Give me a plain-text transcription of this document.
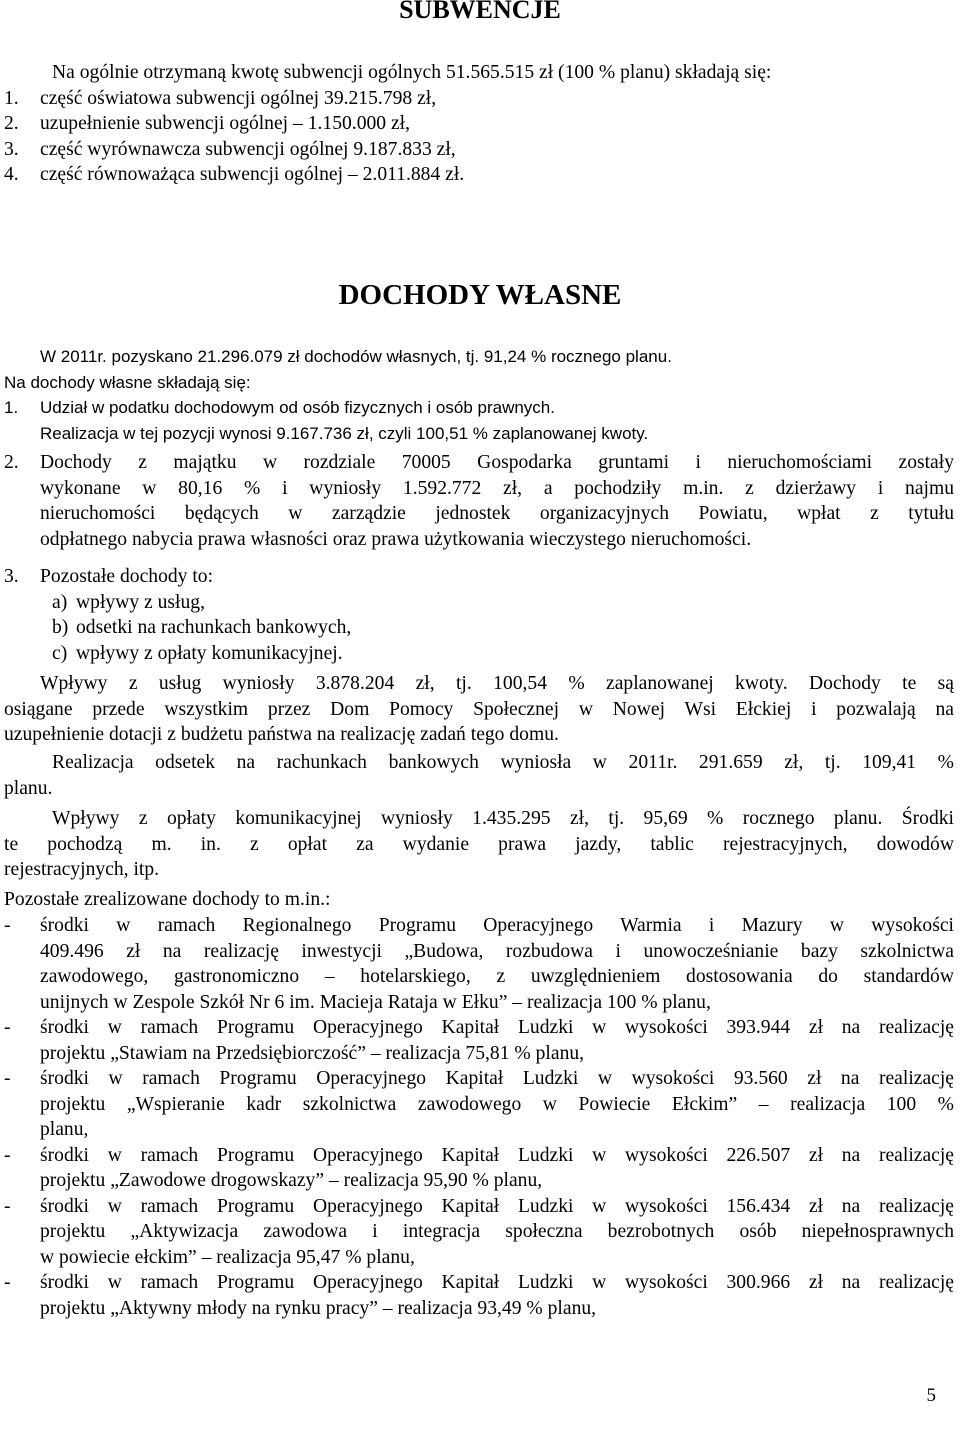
SUBWENCJE
Na ogólnie otrzymaną kwotę subwencji ogólnych 51.565.515 zł (100 % planu) składają się:
1. część oświatowa subwencji ogólnej 39.215.798 zł,
2. uzupełnienie subwencji ogólnej – 1.150.000 zł,
3. część wyrównawcza subwencji ogólnej 9.187.833 zł,
4. część równoważąca subwencji ogólnej – 2.011.884 zł.
DOCHODY WŁASNE
W 2011r. pozyskano 21.296.079 zł dochodów własnych, tj. 91,24 % rocznego planu.
Na dochody własne składają się:
1. Udział w podatku dochodowym od osób fizycznych i osób prawnych.
Realizacja w tej pozycji wynosi 9.167.736 zł, czyli 100,51 % zaplanowanej kwoty.
2. Dochody z majątku w rozdziale 70005 Gospodarka gruntami i nieruchomościami zostały
wykonane w 80,16 % i wyniosły 1.592.772 zł, a pochodziły m.in. z dzierżawy i najmu
nieruchomości będących w zarządzie jednostek organizacyjnych Powiatu, wpłat z tytułu
odpłatnego nabycia prawa własności oraz prawa użytkowania wieczystego nieruchomości.
3. Pozostałe dochody to:
a) wpływy z usług,
b) odsetki na rachunkach bankowych,
c) wpływy z opłaty komunikacyjnej.
Wpływy z usług wyniosły 3.878.204 zł, tj. 100,54 % zaplanowanej kwoty. Dochody te są
osiągane przede wszystkim przez Dom Pomocy Społecznej w Nowej Wsi Ełckiej i pozwalają na
uzupełnienie dotacji z budżetu państwa na realizację zadań tego domu.
Realizacja odsetek na rachunkach bankowych wyniosła w 2011r. 291.659 zł, tj. 109,41 %
planu.
Wpływy z opłaty komunikacyjnej wyniosły 1.435.295 zł, tj. 95,69 % rocznego planu. Środki
te pochodzą m. in. z opłat za wydanie prawa jazdy, tablic rejestracyjnych, dowodów
rejestracyjnych, itp.
Pozostałe zrealizowane dochody to m.in.:
- środki w ramach Regionalnego Programu Operacyjnego Warmia i Mazury w wysokości
409.496 zł na realizację inwestycji „Budowa, rozbudowa i unowocześnianie bazy szkolnictwa
zawodowego, gastronomiczno – hotelarskiego, z uwzględnieniem dostosowania do standardów
unijnych w Zespole Szkół Nr 6 im. Macieja Rataja w Ełku” – realizacja 100 % planu,
- środki w ramach Programu Operacyjnego Kapitał Ludzki w wysokości 393.944 zł na realizację
projektu „Stawiam na Przedsiębiorczość” – realizacja 75,81 % planu,
- środki w ramach Programu Operacyjnego Kapitał Ludzki w wysokości 93.560 zł na realizację
projektu „Wspieranie kadr szkolnictwa zawodowego w Powiecie Ełckim” – realizacja 100 %
planu,
- środki w ramach Programu Operacyjnego Kapitał Ludzki w wysokości 226.507 zł na realizację
projektu „Zawodowe drogowskazy” – realizacja 95,90 % planu,
- środki w ramach Programu Operacyjnego Kapitał Ludzki w wysokości 156.434 zł na realizację
projektu „Aktywizacja zawodowa i integracja społeczna bezrobotnych osób niepełnosprawnych
w powiecie ełckim” – realizacja 95,47 % planu,
- środki w ramach Programu Operacyjnego Kapitał Ludzki w wysokości 300.966 zł na realizację
projektu „Aktywny młody na rynku pracy” – realizacja 93,49 % planu,
5
